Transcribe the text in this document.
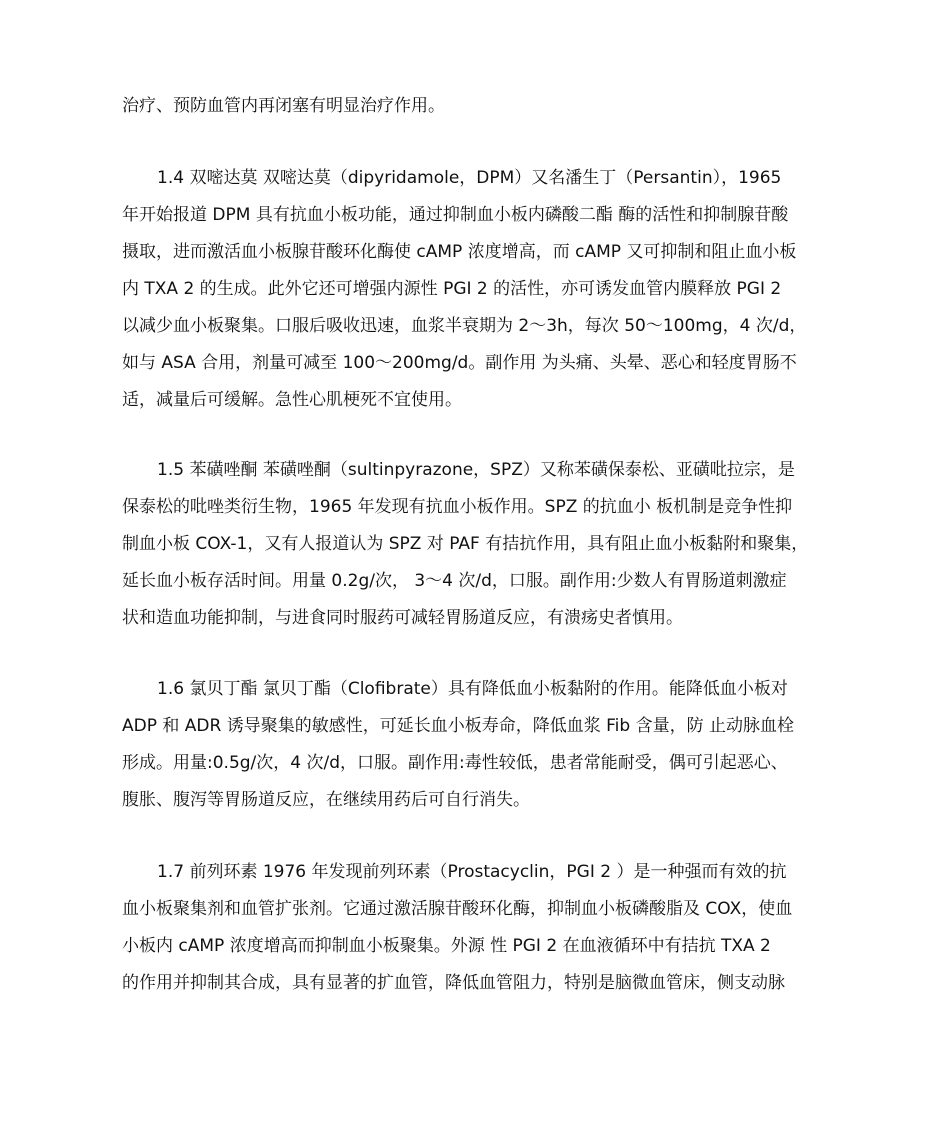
治疗、预防血管内再闭塞有明显治疗作用。
1.4 双嘧达莫 双嘧达莫（dipyridamole，DPM）又名潘生丁（Persantin），1965
年开始报道 DPM 具有抗血小板功能，通过抑制血小板内磷酸二酯 酶的活性和抑制腺苷酸
摄取，进而激活血小板腺苷酸环化酶使 cAMP 浓度增高，而 cAMP 又可抑制和阻止血小板
内 TXA 2 的生成。此外它还可增强内源性 PGI 2 的活性，亦可诱发血管内膜释放 PGI 2
以减少血小板聚集。口服后吸收迅速，血浆半衰期为 2～3h，每次 50～100mg，4 次/d，
如与 ASA 合用，剂量可减至 100～200mg/d。副作用 为头痛、头晕、恶心和轻度胃肠不
适，减量后可缓解。急性心肌梗死不宜使用。
1.5 苯磺唑酮 苯磺唑酮（sultinpyrazone，SPZ）又称苯磺保泰松、亚磺吡拉宗，是
保泰松的吡唑类衍生物，1965 年发现有抗血小板作用。SPZ 的抗血小 板机制是竞争性抑
制血小板 COX-1，又有人报道认为 SPZ 对 PAF 有拮抗作用，具有阻止血小板黏附和聚集，
延长血小板存活时间。用量 0.2g/次， 3～4 次/d，口服。副作用:少数人有胃肠道刺激症
状和造血功能抑制，与进食同时服药可减轻胃肠道反应，有溃疡史者慎用。
1.6 氯贝丁酯 氯贝丁酯（Clofibrate）具有降低血小板黏附的作用。能降低血小板对
ADP 和 ADR 诱导聚集的敏感性，可延长血小板寿命，降低血浆 Fib 含量，防 止动脉血栓
形成。用量:0.5g/次，4 次/d，口服。副作用:毒性较低，患者常能耐受，偶可引起恶心、
腹胀、腹泻等胃肠道反应，在继续用药后可自行消失。
1.7 前列环素 1976 年发现前列环素（Prostacyclin，PGI 2 ）是一种强而有效的抗
血小板聚集剂和血管扩张剂。它通过激活腺苷酸环化酶，抑制血小板磷酸脂及 COX，使血
小板内 cAMP 浓度增高而抑制血小板聚集。外源 性 PGI 2 在血液循环中有拮抗 TXA 2
的作用并抑制其合成，具有显著的扩血管，降低血管阻力，特别是脑微血管床，侧支动脉
